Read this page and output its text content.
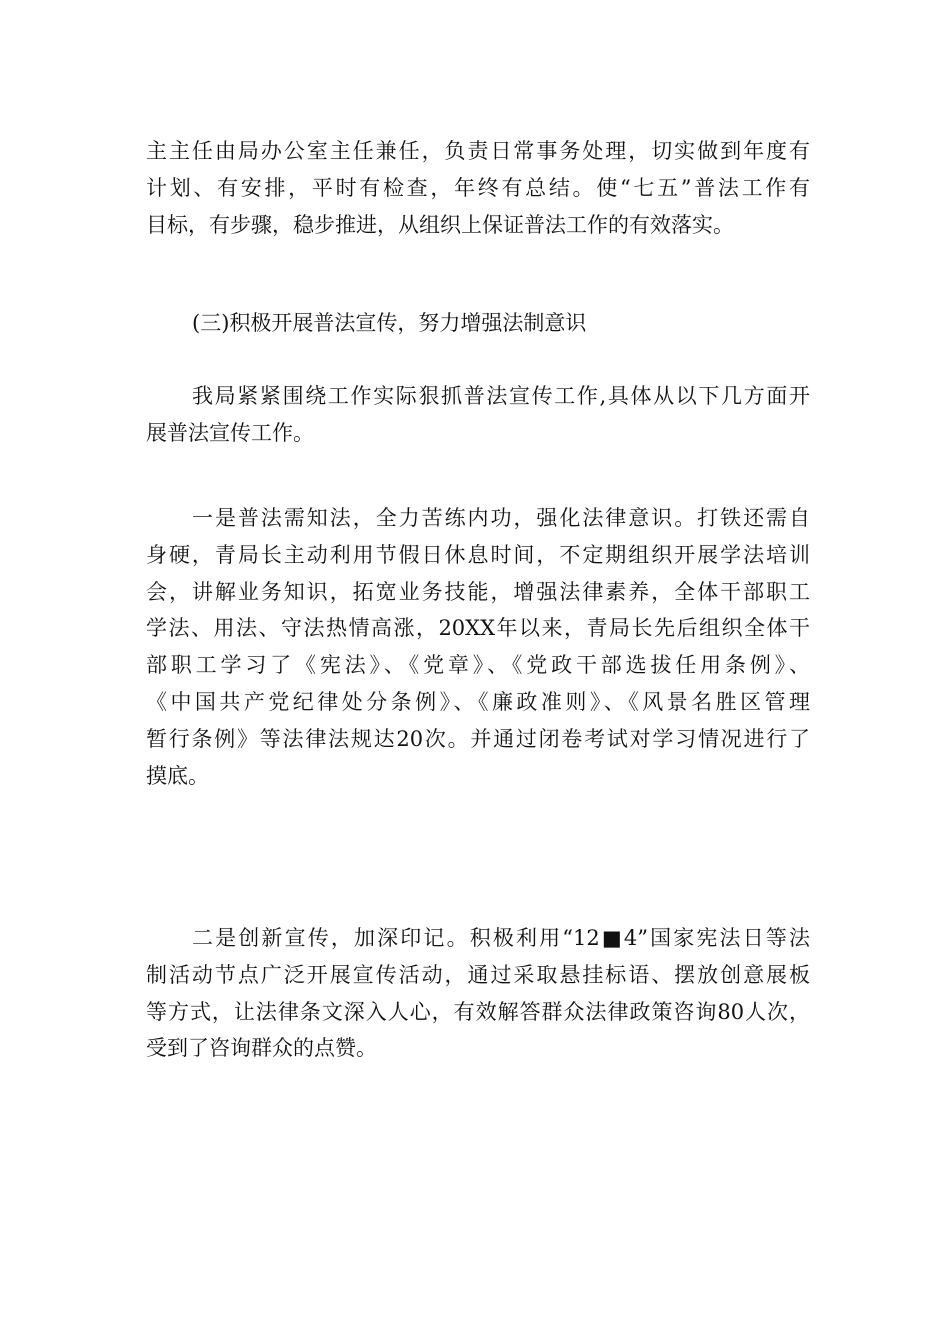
主主任由局办公室主任兼任，负责日常事务处理，切实做到年度有
计划、有安排，平时有检查，年终有总结。使“七五”普法工作有
目标，有步骤，稳步推进，从组织上保证普法工作的有效落实。
(三)积极开展普法宣传，努力增强法制意识
我局紧紧围绕工作实际狠抓普法宣传工作,具体从以下几方面开
展普法宣传工作。
一是普法需知法，全力苦练内功，强化法律意识。打铁还需自
身硬，青局长主动利用节假日休息时间，不定期组织开展学法培训
会，讲解业务知识，拓宽业务技能，增强法律素养，全体干部职工
学法、用法、守法热情高涨，20XX年以来，青局长先后组织全体干
部职工学习了《宪法》、《党章》、《党政干部选拔任用条例》、
《中国共产党纪律处分条例》、《廉政准则》、《风景名胜区管理
暂行条例》等法律法规达20次。并通过闭卷考试对学习情况进行了
摸底。
二是创新宣传，加深印记。积极利用“12■4”国家宪法日等法
制活动节点广泛开展宣传活动，通过采取悬挂标语、摆放创意展板
等方式，让法律条文深入人心，有效解答群众法律政策咨询80人次，
受到了咨询群众的点赞。
